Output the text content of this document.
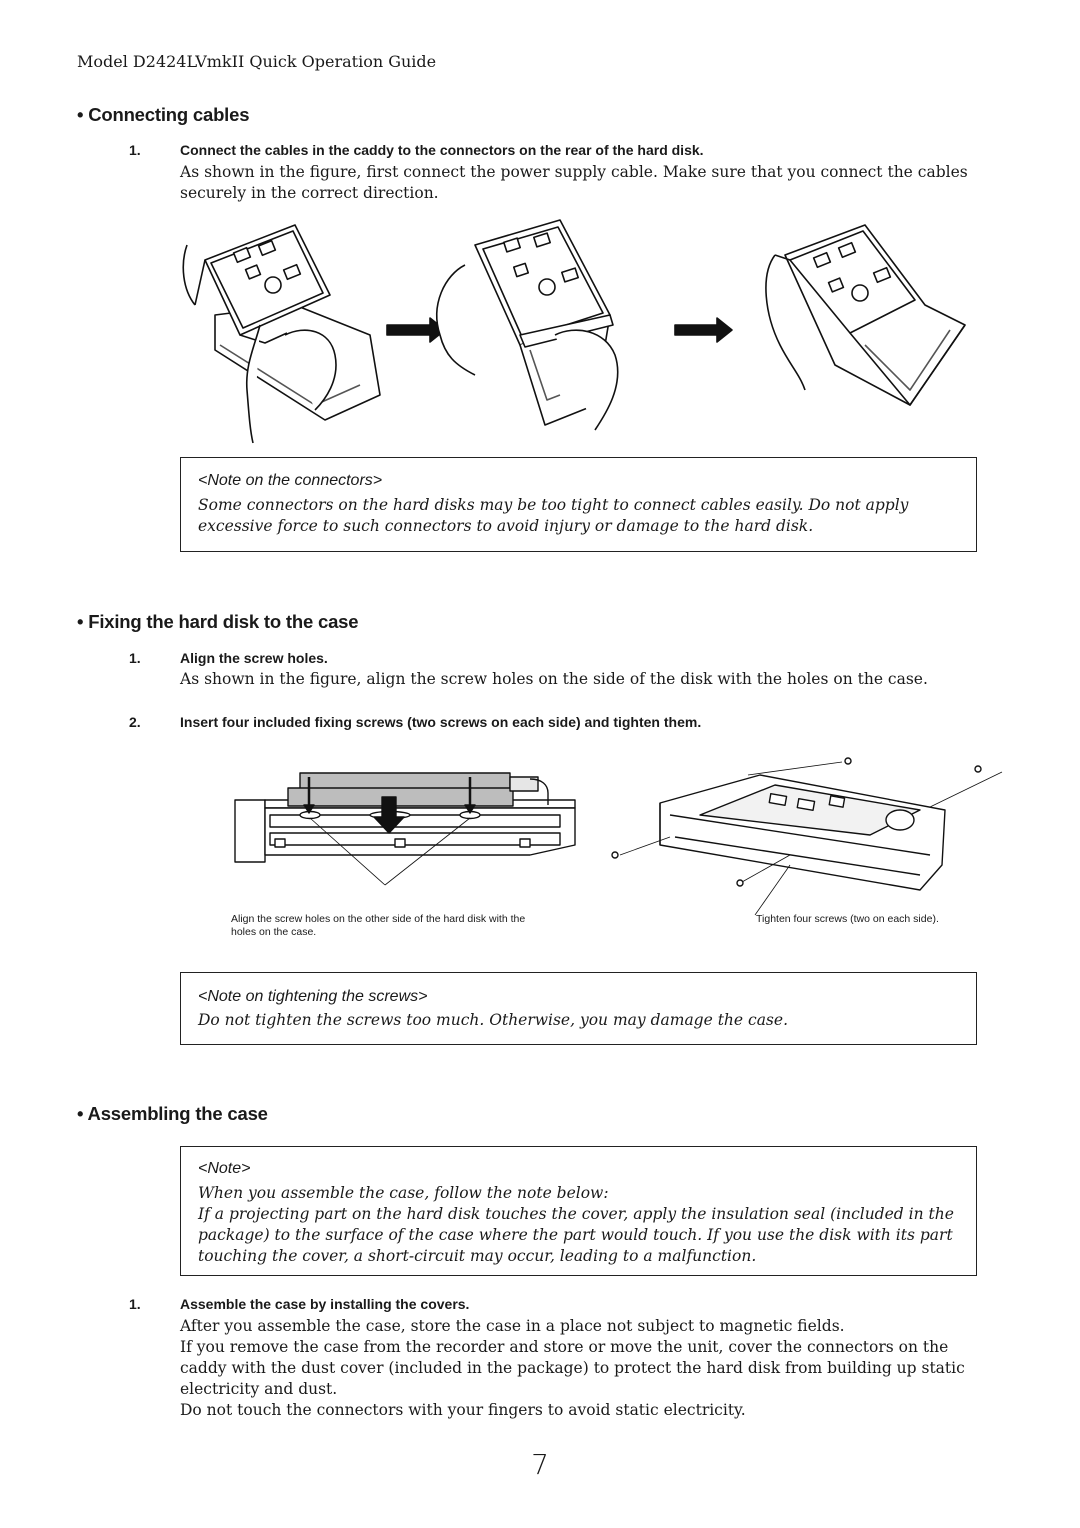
Model D2424LVmkII Quick Operation Guide
• Connecting cables
1.	Connect the cables in the caddy to the connectors on the rear of the hard disk.
As shown in the figure, first connect the power supply cable. Make sure that you connect the cables
securely in the correct direction.
<Note on the connectors>
Some connectors on the hard disks may be too tight to connect cables easily. Do not apply
excessive force to such connectors to avoid injury or damage to the hard disk.
• Fixing the hard disk to the case
1.	Align the screw holes.
As shown in the figure, align the screw holes on the side of the disk with the holes on the case.
2.	Insert four included fixing screws (two screws on each side) and tighten them.
Align the screw holes on the other side of the hard disk with the
holes on the case.
Tighten four screws (two on each side).
<Note on tightening the screws>
Do not tighten the screws too much. Otherwise, you may damage the case.
• Assembling the case
<Note>
When you assemble the case, follow the note below:
If a projecting part on the hard disk touches the cover, apply the insulation seal (included in the
package) to the surface of the case where the part would touch. If you use the disk with its part
touching the cover, a short-circuit may occur, leading to a malfunction.
1.	Assemble the case by installing the covers.
After you assemble the case, store the case in a place not subject to magnetic fields.
If you remove the case from the recorder and store or move the unit, cover the connectors on the
caddy with the dust cover (included in the package) to protect the hard disk from building up static
electricity and dust.
Do not touch the connectors with your fingers to avoid static electricity.
7
